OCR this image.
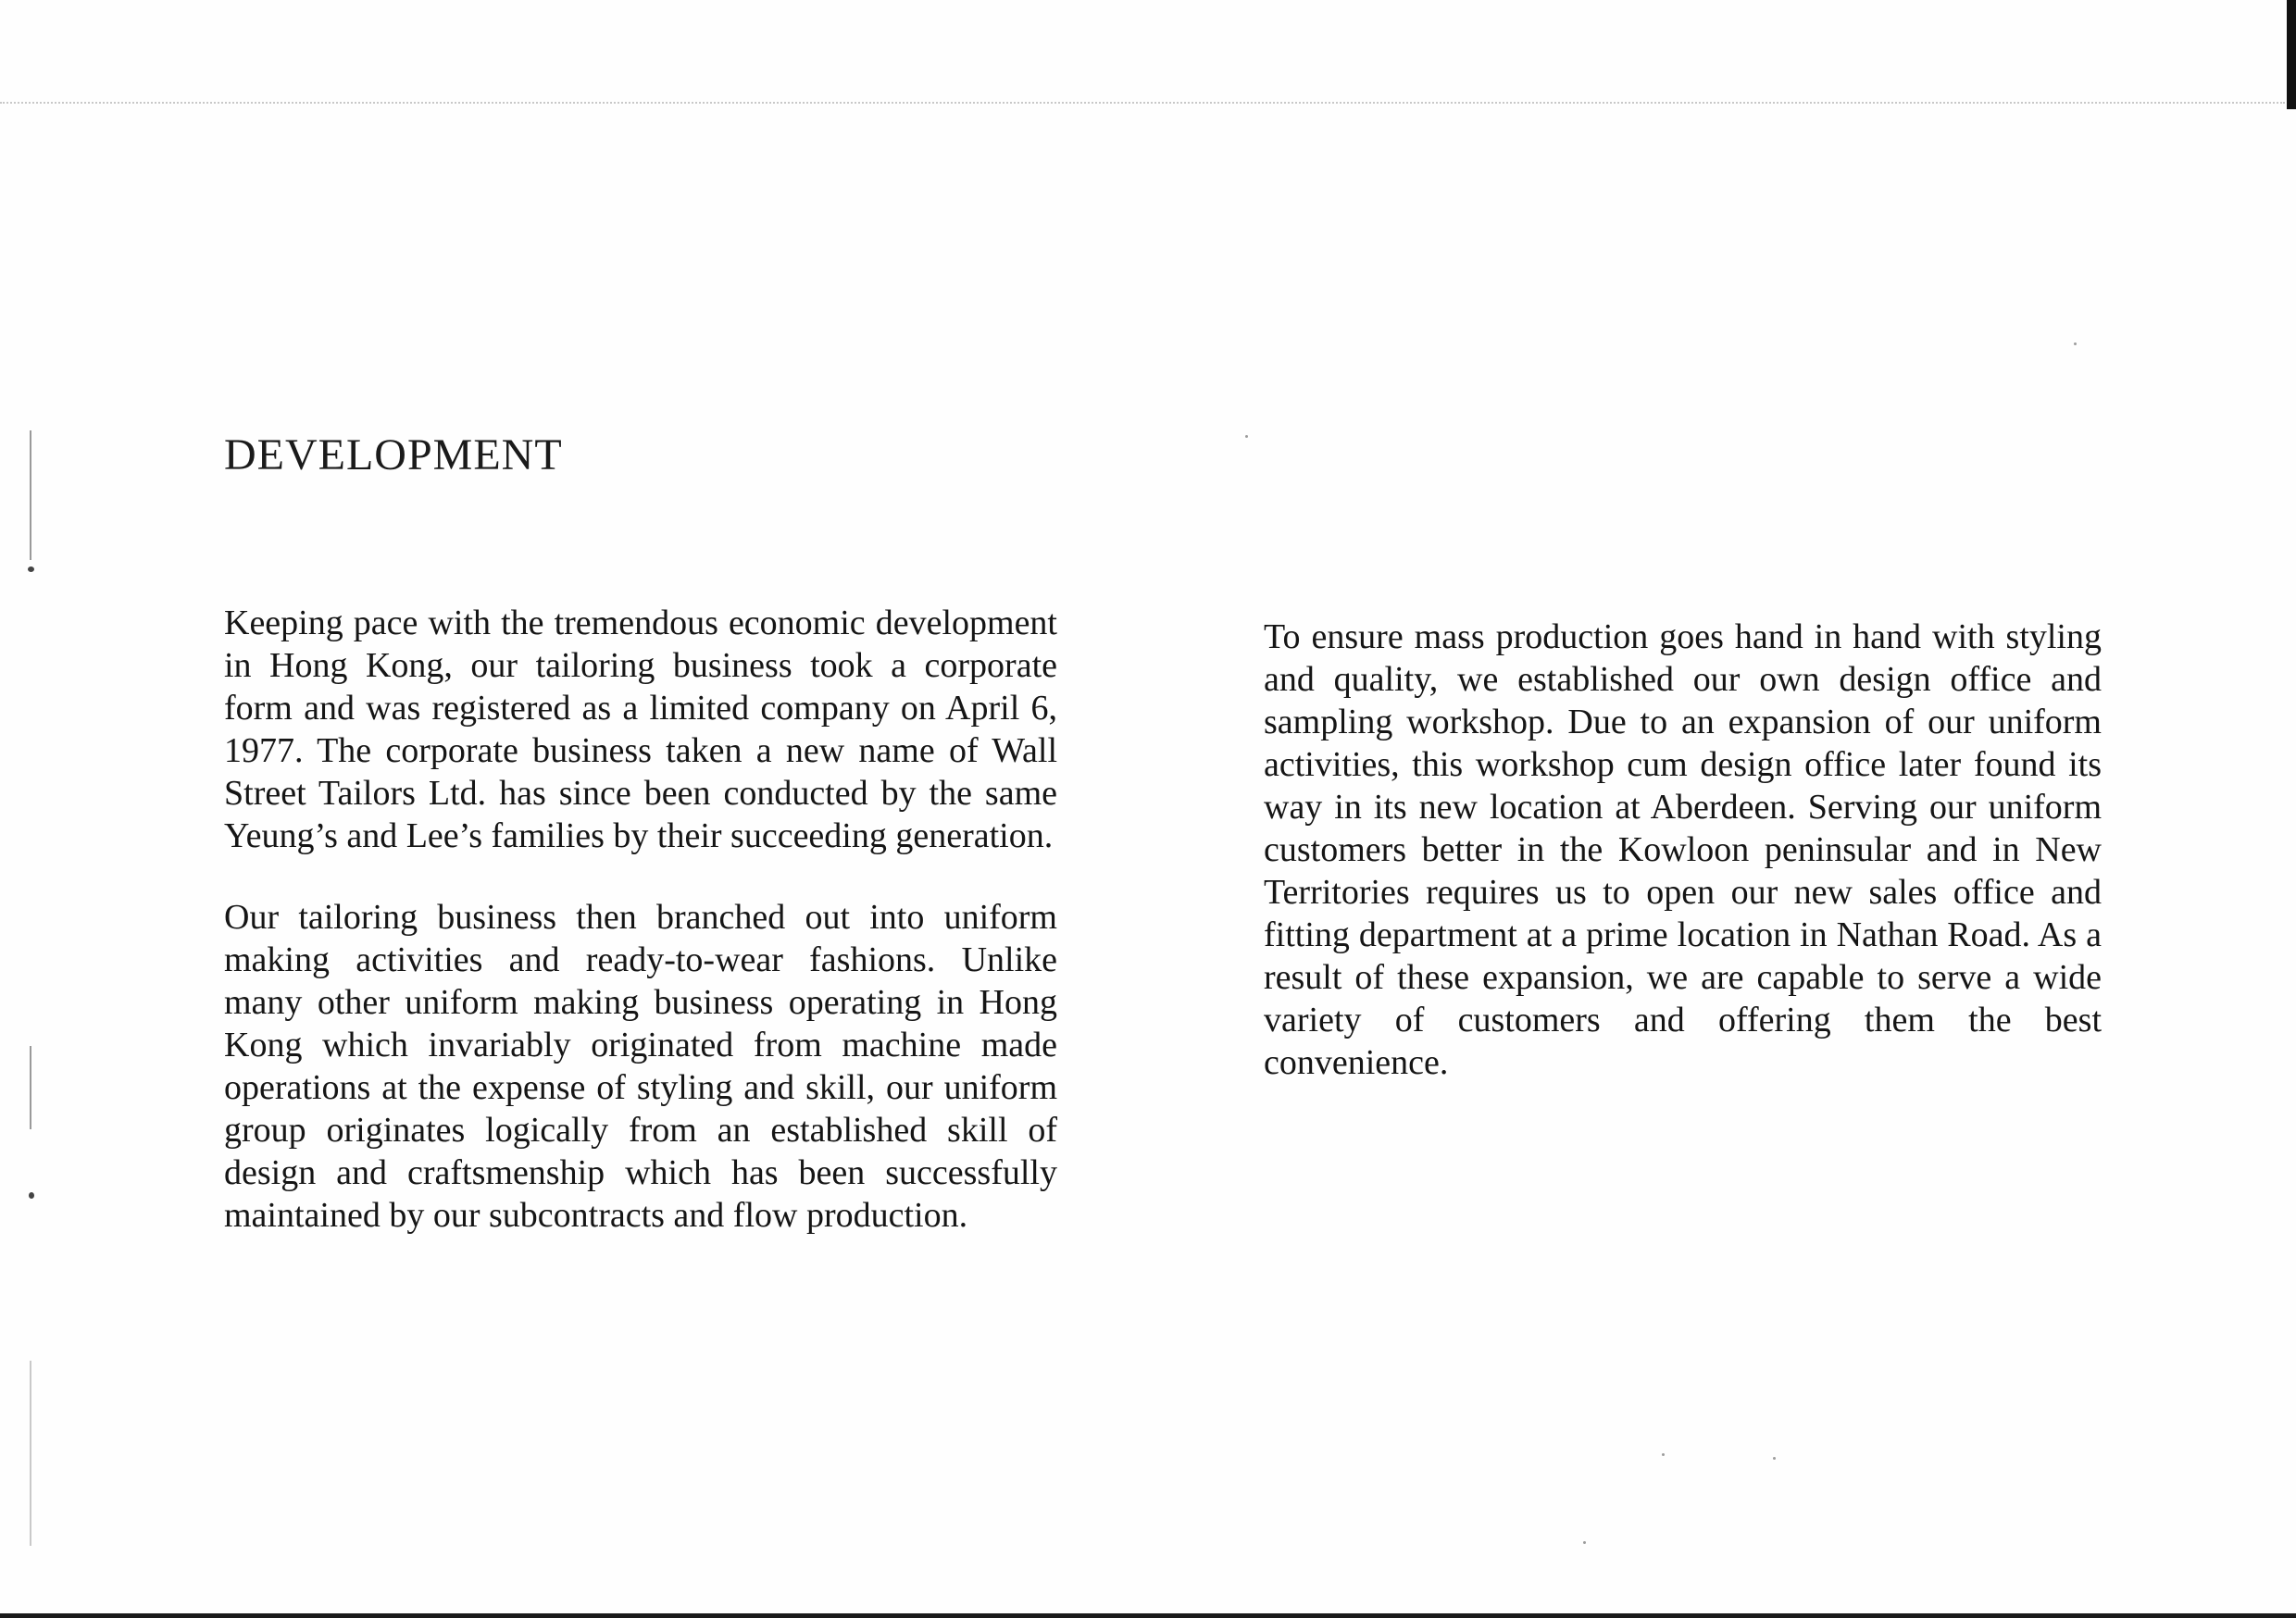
DEVELOPMENT

Keeping pace with the tremendous economic development in Hong Kong, our tailoring business took a corporate form and was registered as a limited company on April 6, 1977. The corporate business taken a new name of Wall Street Tailors Ltd. has since been conducted by the same Yeung’s and Lee’s families by their succeeding generation.

Our tailoring business then branched out into uniform making activities and ready-to-wear fashions. Unlike many other uniform making business operating in Hong Kong which invariably originated from machine made operations at the expense of styling and skill, our uniform group originates logically from an established skill of design and craftsmenship which has been successfully maintained by our subcontracts and flow production.

To ensure mass production goes hand in hand with styling and quality, we established our own design office and sampling workshop. Due to an expansion of our uniform activities, this workshop cum design office later found its way in its new location at Aberdeen. Serving our uniform customers better in the Kowloon peninsular and in New Territories requires us to open our new sales office and fitting department at a prime location in Nathan Road. As a result of these expansion, we are capable to serve a wide variety of customers and offering them the best convenience.
